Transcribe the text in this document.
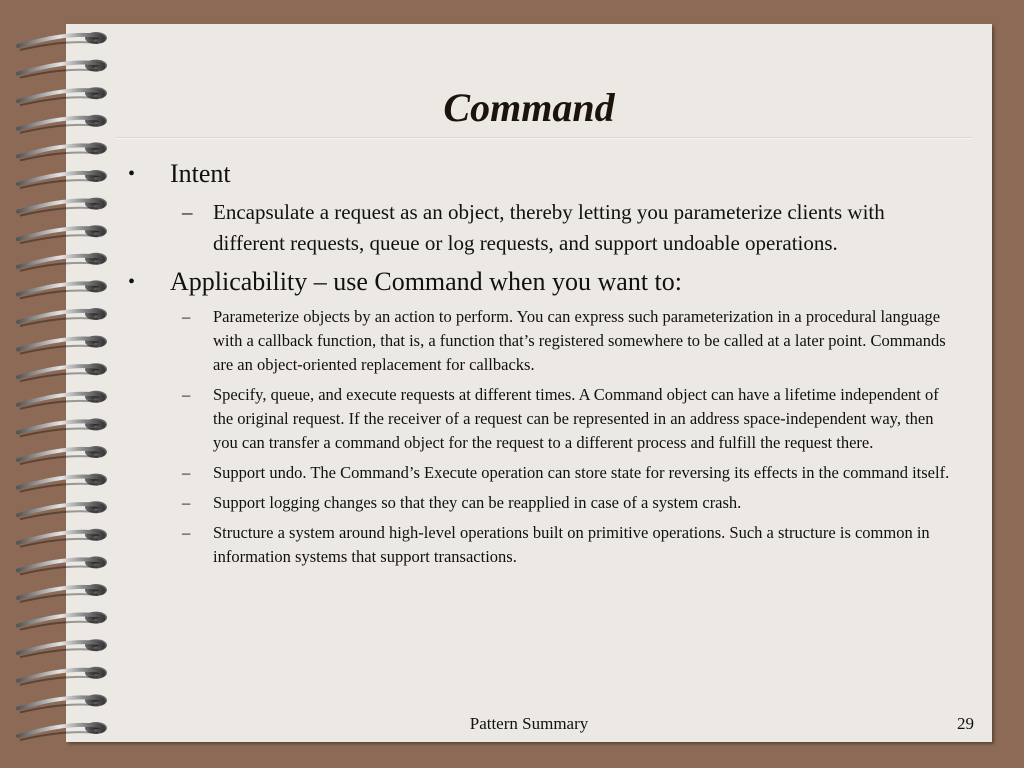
Command
• Intent
– Encapsulate a request as an object, thereby letting you parameterize clients with different requests, queue or log requests, and support undoable operations.
• Applicability – use Command when you want to:
– Parameterize objects by an action to perform. You can express such parameterization in a procedural language with a callback function, that is, a function that’s registered somewhere to be called at a later point. Commands are an object-oriented replacement for callbacks.
– Specify, queue, and execute requests at different times. A Command object can have a lifetime independent of the original request. If the receiver of a request can be represented in an address space-independent way, then you can transfer a command object for the request to a different process and fulfill the request there.
– Support undo. The Command’s Execute operation can store state for reversing its effects in the command itself.
– Support logging changes so that they can be reapplied in case of a system crash.
– Structure a system around high-level operations built on primitive operations. Such a structure is common in information systems that support transactions.
Pattern Summary	29
